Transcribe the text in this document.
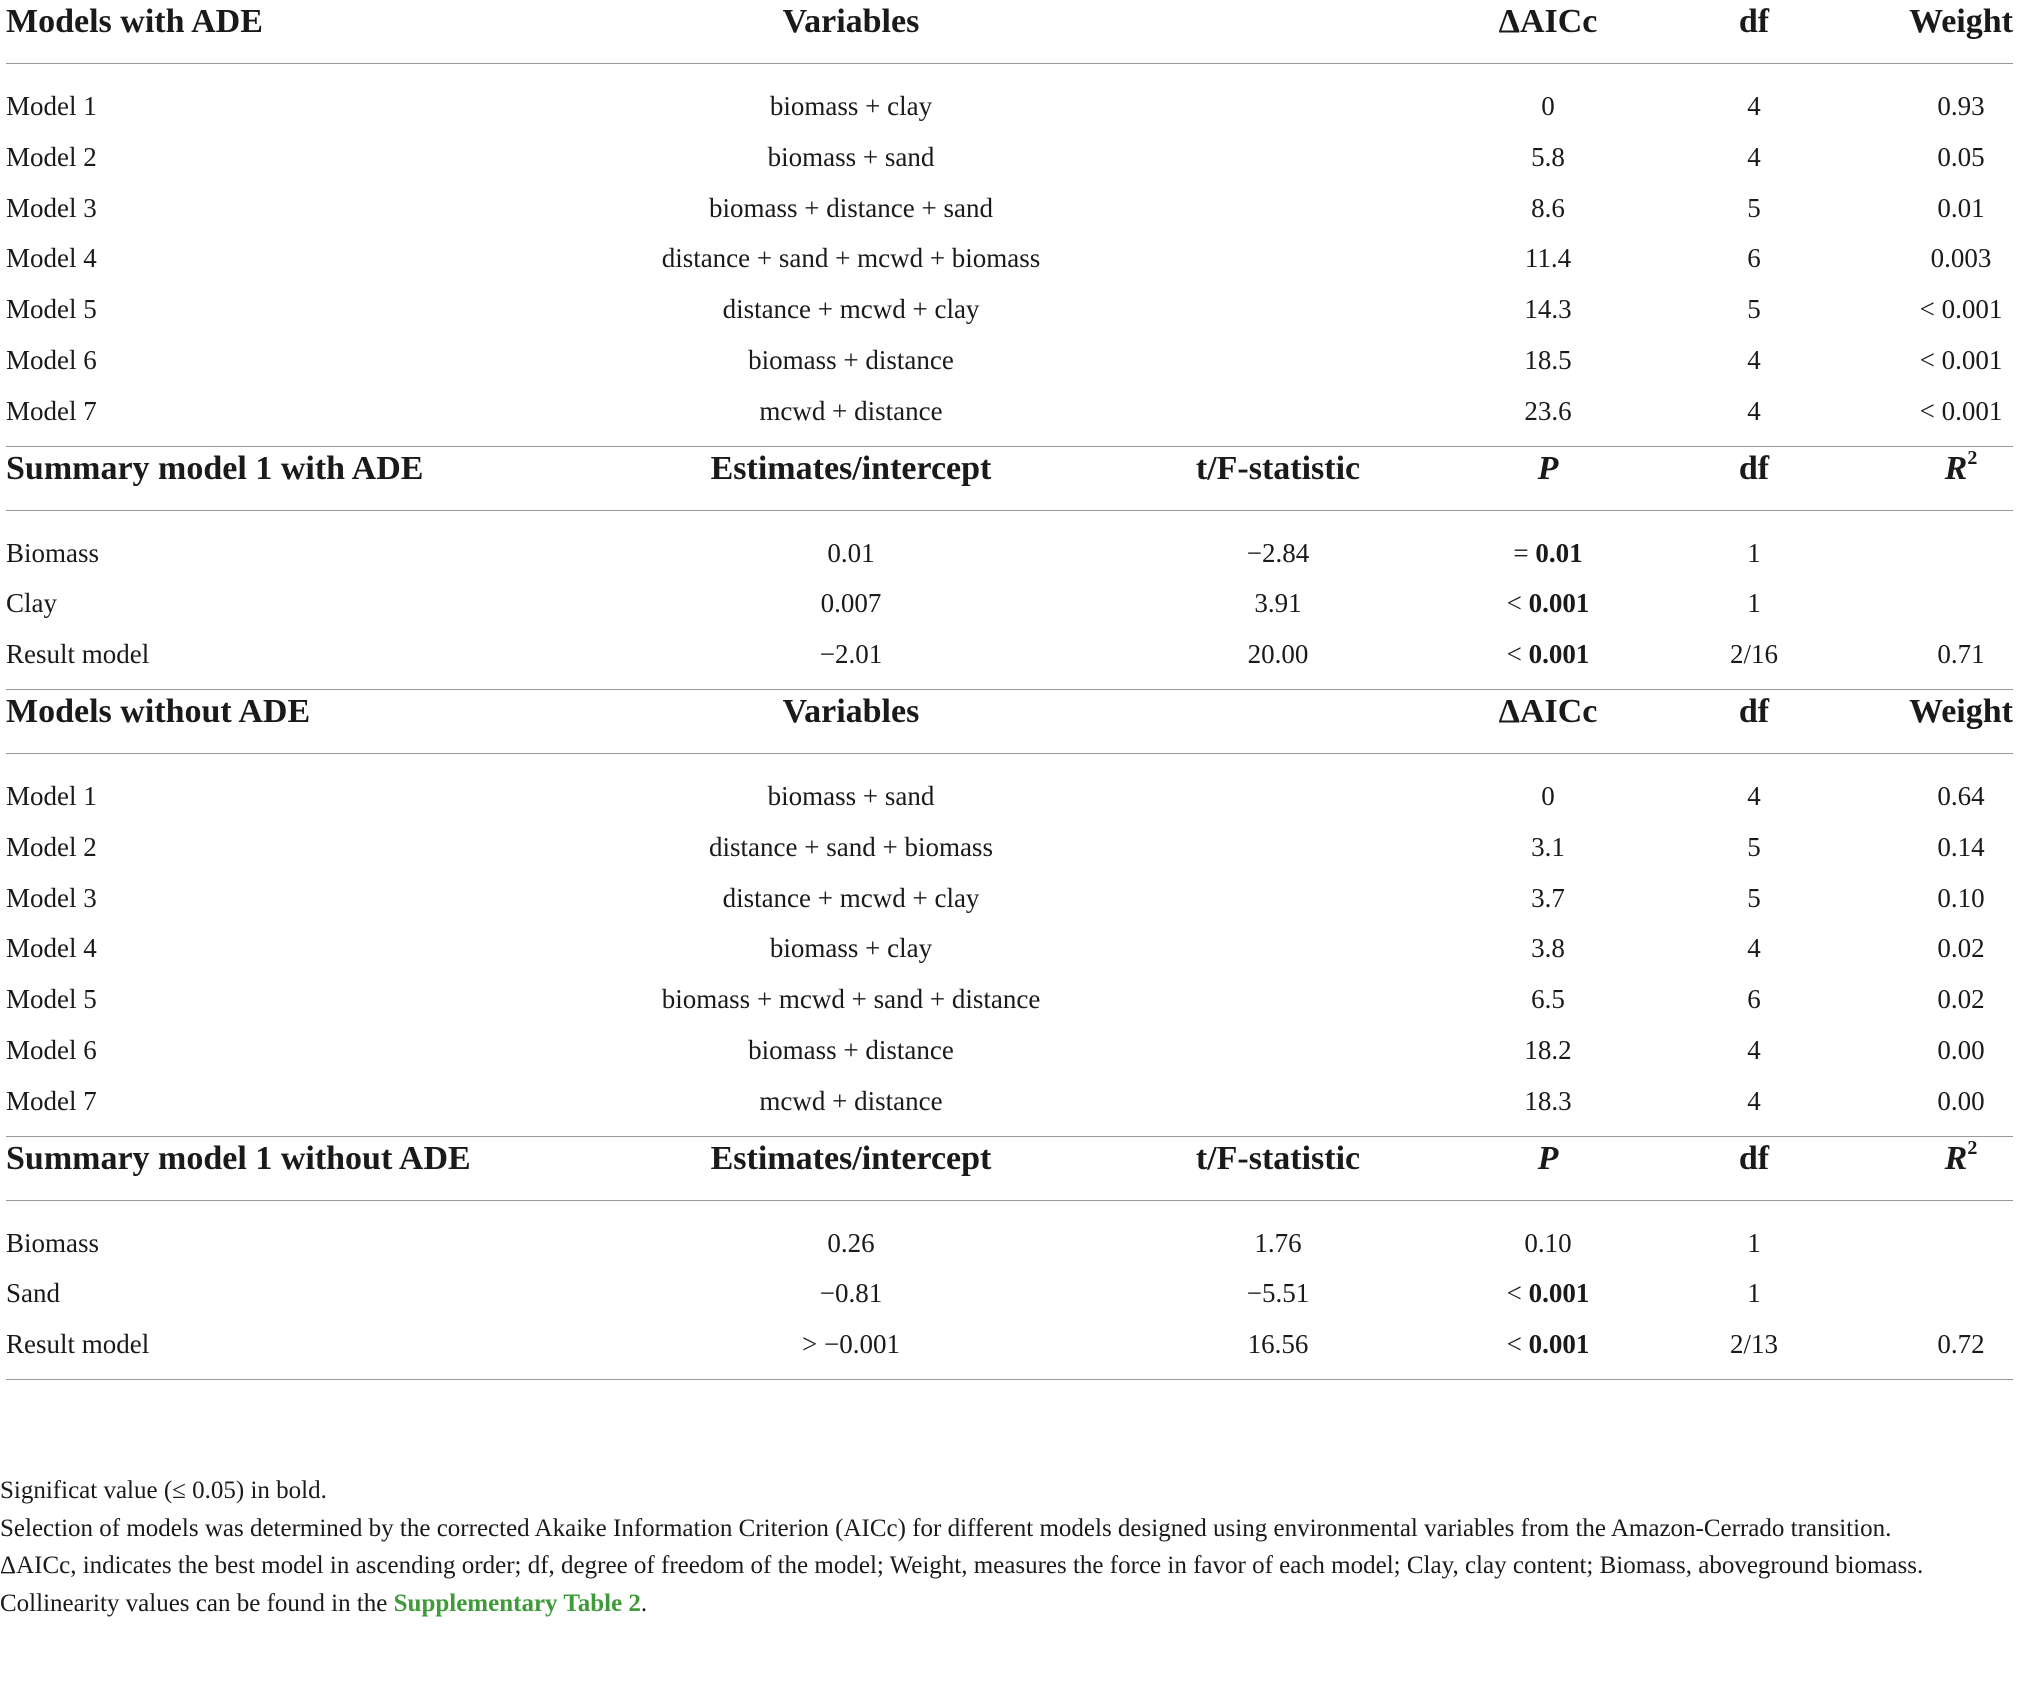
Models with ADE	Variables	ΔAICc	df	Weight
Model 1	biomass + clay	0	4	0.93
Model 2	biomass + sand	5.8	4	0.05
Model 3	biomass + distance + sand	8.6	5	0.01
Model 4	distance + sand + mcwd + biomass	11.4	6	0.003
Model 5	distance + mcwd + clay	14.3	5	< 0.001
Model 6	biomass + distance	18.5	4	< 0.001
Model 7	mcwd + distance	23.6	4	< 0.001
Summary model 1 with ADE	Estimates/intercept	t/F-statistic	P	df	$R^2$
Biomass	0.01	−2.84	= 0.01	1
Clay	0.007	3.91	< 0.001	1
Result model	−2.01	20.00	< 0.001	2/16	0.71
Models without ADE	Variables	ΔAICc	df	Weight
Model 1	biomass + sand	0	4	0.64
Model 2	distance + sand + biomass	3.1	5	0.14
Model 3	distance + mcwd + clay	3.7	5	0.10
Model 4	biomass + clay	3.8	4	0.02
Model 5	biomass + mcwd + sand + distance	6.5	6	0.02
Model 6	biomass + distance	18.2	4	0.00
Model 7	mcwd + distance	18.3	4	0.00
Summary model 1 without ADE	Estimates/intercept	t/F-statistic	P	df	$R^2$
Biomass	0.26	1.76	0.10	1
Sand	−0.81	−5.51	< 0.001	1
Result model	> −0.001	16.56	< 0.001	2/13	0.72

Significat value (≤ 0.05) in bold.

Selection of models was determined by the corrected Akaike Information Criterion (AICc) for different models designed using environmental variables from the Amazon-Cerrado transition.

ΔAICc, indicates the best model in ascending order; df, degree of freedom of the model; Weight, measures the force in favor of each model; Clay, clay content; Biomass, aboveground biomass.

Collinearity values can be found in the Supplementary Table 2.
